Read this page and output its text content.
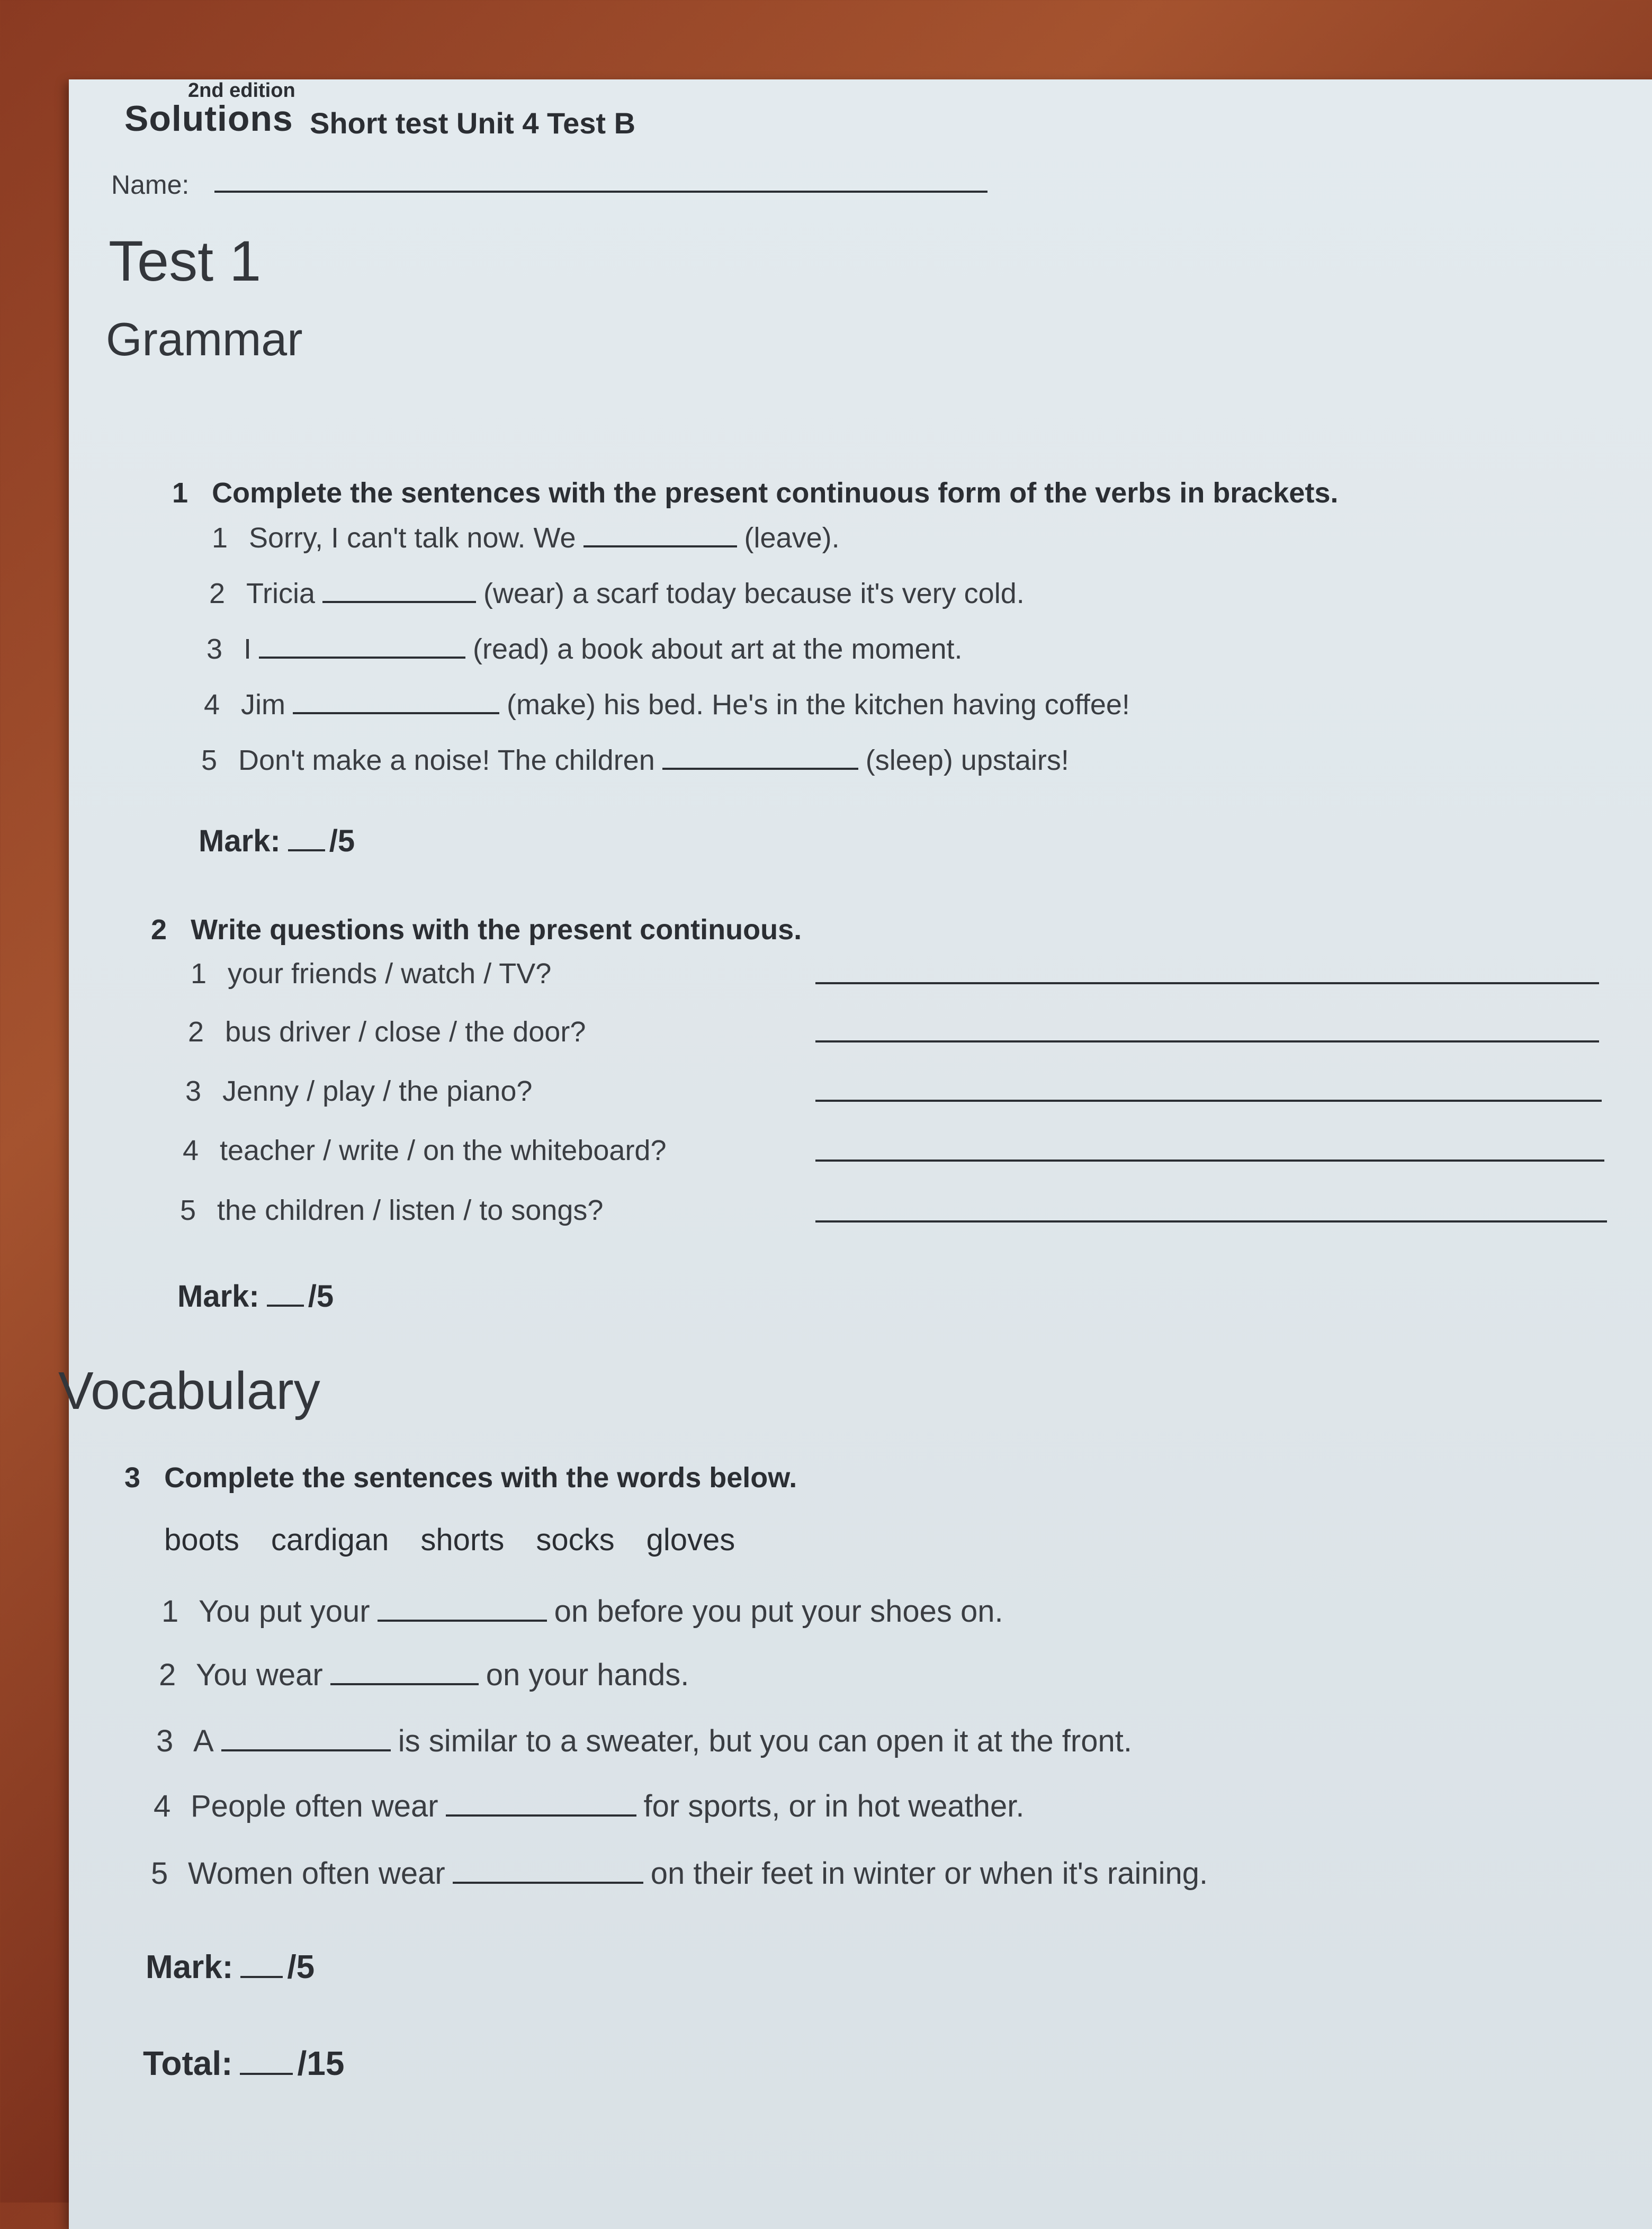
2nd edition
Solutions Short test Unit 4 Test B
Name:
Test 1
Grammar
1 Complete the sentences with the present continuous form of the verbs in brackets.
1 Sorry, I can't talk now. We	(leave).
2 Tricia	(wear) a scarf today because it's very cold.
3 I	(read) a book about art at the moment.
4 Jim	(make) his bed. He's in the kitchen having coffee!
5 Don't make a noise! The children	(sleep) upstairs!
Mark: /5
2 Write questions with the present continuous.
1 your friends / watch / TV?
2 bus driver / close / the door?
3 Jenny / play / the piano?
4 teacher / write / on the whiteboard?
5 the children / listen / to songs?
Mark: /5
Vocabulary
3 Complete the sentences with the words below.
boots cardigan shorts socks gloves
1 You put your	on before you put your shoes on.
2 You wear	on your hands.
3 A	is similar to a sweater, but you can open it at the front.
4 People often wear	for sports, or in hot weather.
5 Women often wear	on their feet in winter or when it's raining.
Mark: /5
Total: /15
